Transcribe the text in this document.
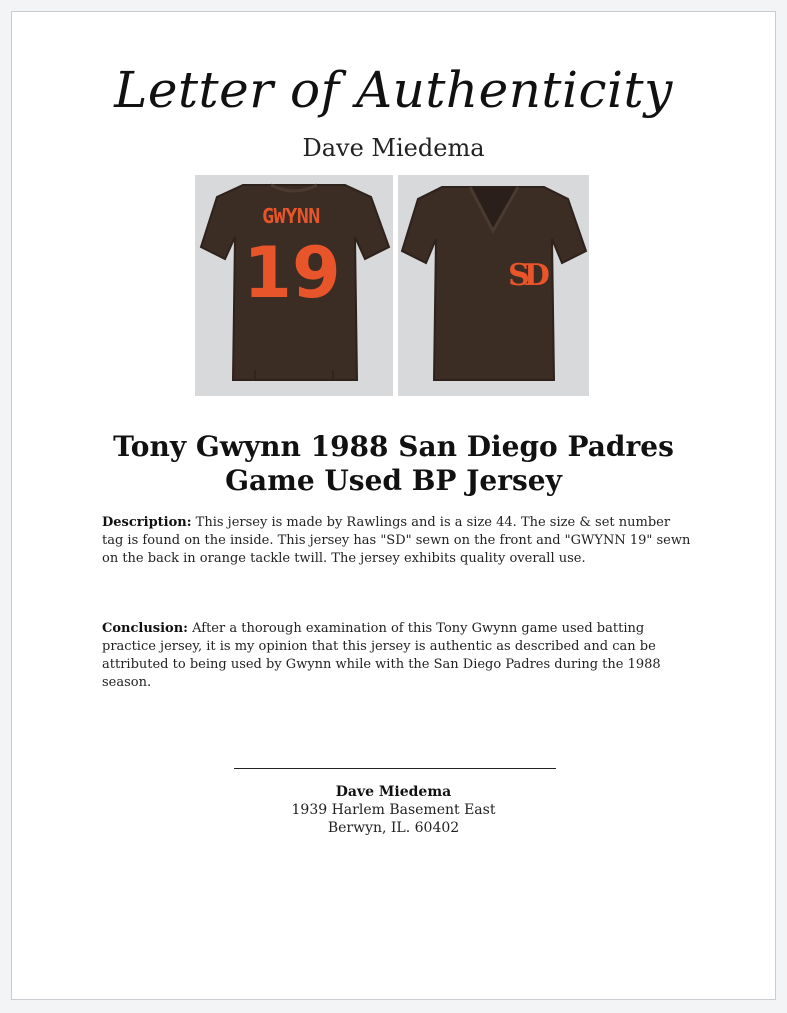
Letter of Authenticity
Dave Miedema
GWYNN
19	SD
Tony Gwynn 1988 San Diego Padres
Game Used BP Jersey
Description: This jersey is made by Rawlings and is a size 44. The size & set number tag is found on the inside. This jersey has "SD" sewn on the front and "GWYNN 19" sewn on the back in orange tackle twill. The jersey exhibits quality overall use.
Conclusion: After a thorough examination of this Tony Gwynn game used batting practice jersey, it is my opinion that this jersey is authentic as described and can be attributed to being used by Gwynn while with the San Diego Padres during the 1988 season.
Dave Miedema
1939 Harlem Basement East
Berwyn, IL. 60402
